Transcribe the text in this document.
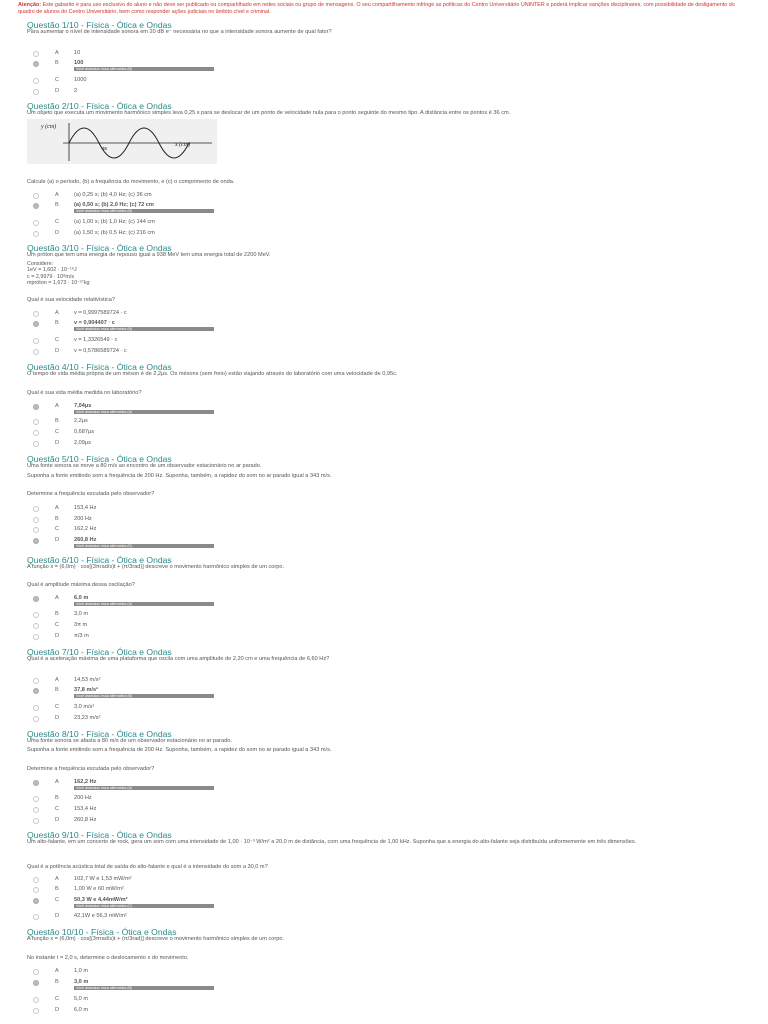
Atenção: Este gabarito é para uso exclusivo do aluno e não deve ser publicado ou compartilhado em redes sociais ou grupo de mensagens. O seu compartilhamento infringe as políticas do Centro Universitário UNINTER e poderá implicar sanções disciplinares, com possibilidade de desligamento do quadro de alunos do Centro Universitário, bem como responder ações judiciais no âmbito cível e criminal.
Questão 1/10 - Física - Ótica e Ondas
Para aumentar o nível de intensidade sonora em 20 dB e⁻ necessária no que a intensidade sonora aumente de qual fator?
A	10
B	100
Você assinalou essa alternativa (B)
C	1000
D	2
Questão 2/10 - Física - Ótica e Ondas
Um objeto que executa um movimento harmônico simples leva 0,25 s para se deslocar de um ponto de velocidade nula para o ponto seguinte do mesmo tipo. A distância entre os pontos é 36 cm.
y (cm)
x (cm)
36
Calcule (a) o período, (b) a frequência do movimento, e (c) o comprimento de onda.
A	(a) 0,25 s; (b) 4,0 Hz; (c) 36 cm
B	(a) 0,50 s; (b) 2,0 Hz; (c) 72 cm
Você assinalou essa alternativa (B)
C	(a) 1,00 s; (b) 1,0 Hz; (c) 144 cm
D	(a) 1,50 s; (b) 0,5 Hz; (c) 216 cm
Questão 3/10 - Física - Ótica e Ondas
Um próton que tem uma energia de repouso igual a 938 MeV tem uma energia total de 2200 MeV.
Considere:
1eV = 1,602 · 10⁻¹⁹J
c = 2,9979 · 10⁸m/s
mpróton = 1,673 · 10⁻²⁷kg
Qual é sua velocidade relativística?
A	v = 0,9997589724 · c
B	v = 0,904407 · c
Você assinalou essa alternativa (B)
C	v = 1,3326549 · c
D	v = 0,5786589724 · c
Questão 4/10 - Física - Ótica e Ondas
O tempo de vida média própria de um méson é de 2,2μs. Os mésons (sem freio) estão viajando através do laboratório com uma velocidade de 0,95c.
Qual é sua vida média medida no laboratório?
A	7,04μs
Você assinalou essa alternativa (A)
B	2,2μs
C	0,687μs
D	2,09μs
Questão 5/10 - Física - Ótica e Ondas
Uma fonte sonora se move a 80 m/s ao encontro de um observador estacionário no ar parado.
Suponha a fonte emitindo som a frequência de 200 Hz. Suponha, também, a rapidez do som no ar parado igual a 343 m/s.
Determine a frequência escutada pelo observador?
A	153,4 Hz
B	200 Hz
C	162,2 Hz
D	260,8 Hz
Você assinalou essa alternativa (D)
Questão 6/10 - Física - Ótica e Ondas
A função x = (6,0m) · cos[(3πrad/s)t + (π/3rad)] descreve o movimento harmônico simples de um corpo.
Qual é amplitude máxima dessa oscilação?
A	6,0 m
Você assinalou essa alternativa (A)
B	3,0 m
C	3π m
D	π/3 m
Questão 7/10 - Física - Ótica e Ondas
Qual é a aceleração máxima de uma plataforma que oscila com uma amplitude de 2,20 cm e uma frequência de 6,60 Hz?
A	14,53 m/s²
B	37,8 m/s²
Você assinalou essa alternativa (B)
C	3,0 m/s²
D	23,23 m/s²
Questão 8/10 - Física - Ótica e Ondas
Uma fonte sonora se afasta a 80 m/s de um observador estacionário no ar parado.
Suponha a fonte emitindo som a frequência de 200 Hz. Suponha, também, a rapidez do som no ar parado igual a 343 m/s.
Determine a frequência escutada pelo observador?
A	162,2 Hz
Você assinalou essa alternativa (A)
B	200 Hz
C	153,4 Hz
D	260,8 Hz
Questão 9/10 - Física - Ótica e Ondas
Um alto-falante, em um concerto de rock, gera um som com uma intensidade de 1,00 · 10⁻³ W/m² a 20,0 m de distância, com uma frequência de 1,00 kHz. Suponha que a energia do alto-falante seja distribuída uniformemente em três dimensões.
Qual é a potência acústica total de saída do alto-falante e qual é a intensidade do som a 30,0 m?
A	102,7 W e 1,53 mW/m²
B	1,00 W e 60 mW/m²
C	50,3 W e 4,44mW/m²
Você assinalou essa alternativa (C)
D	42,1W e 56,3 mW/m²
Questão 10/10 - Física - Ótica e Ondas
A função x = (6,0m) · cos[(3πrad/s)t + (π/3rad)] descreve o movimento harmônico simples de um corpo.
No instante t = 2,0 s, determine o deslocamento x do movimento.
A	1,0 m
B	3,0 m
Você assinalou essa alternativa (B)
C	5,0 m
D	6,0 m
